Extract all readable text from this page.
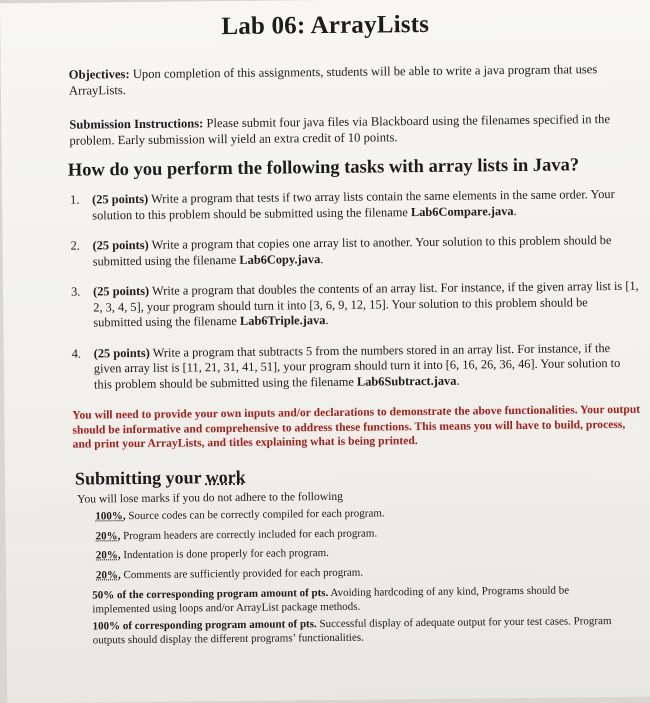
Lab 06: ArrayLists
Objectives: Upon completion of this assignments, students will be able to write a java program that uses ArrayLists.
Submission Instructions: Please submit four java files via Blackboard using the filenames specified in the problem. Early submission will yield an extra credit of 10 points.
How do you perform the following tasks with array lists in Java?
1. (25 points) Write a program that tests if two array lists contain the same elements in the same order. Your solution to this problem should be submitted using the filename Lab6Compare.java.
2. (25 points) Write a program that copies one array list to another. Your solution to this problem should be submitted using the filename Lab6Copy.java.
3. (25 points) Write a program that doubles the contents of an array list. For instance, if the given array list is [1, 2, 3, 4, 5], your program should turn it into [3, 6, 9, 12, 15]. Your solution to this problem should be submitted using the filename Lab6Triple.java.
4. (25 points) Write a program that subtracts 5 from the numbers stored in an array list. For instance, if the given array list is [11, 21, 31, 41, 51], your program should turn it into [6, 16, 26, 36, 46]. Your solution to this problem should be submitted using the filename Lab6Subtract.java.
You will need to provide your own inputs and/or declarations to demonstrate the above functionalities. Your output should be informative and comprehensive to address these functions. This means you will have to build, process, and print your ArrayLists, and titles explaining what is being printed.
Submitting your work
You will lose marks if you do not adhere to the following
100%, Source codes can be correctly compiled for each program.
20%, Program headers are correctly included for each program.
20%, Indentation is done properly for each program.
20%, Comments are sufficiently provided for each program.
50% of the corresponding program amount of pts. Avoiding hardcoding of any kind, Programs should be implemented using loops and/or ArrayList package methods.
100% of corresponding program amount of pts. Successful display of adequate output for your test cases. Program outputs should display the different programs’ functionalities.
